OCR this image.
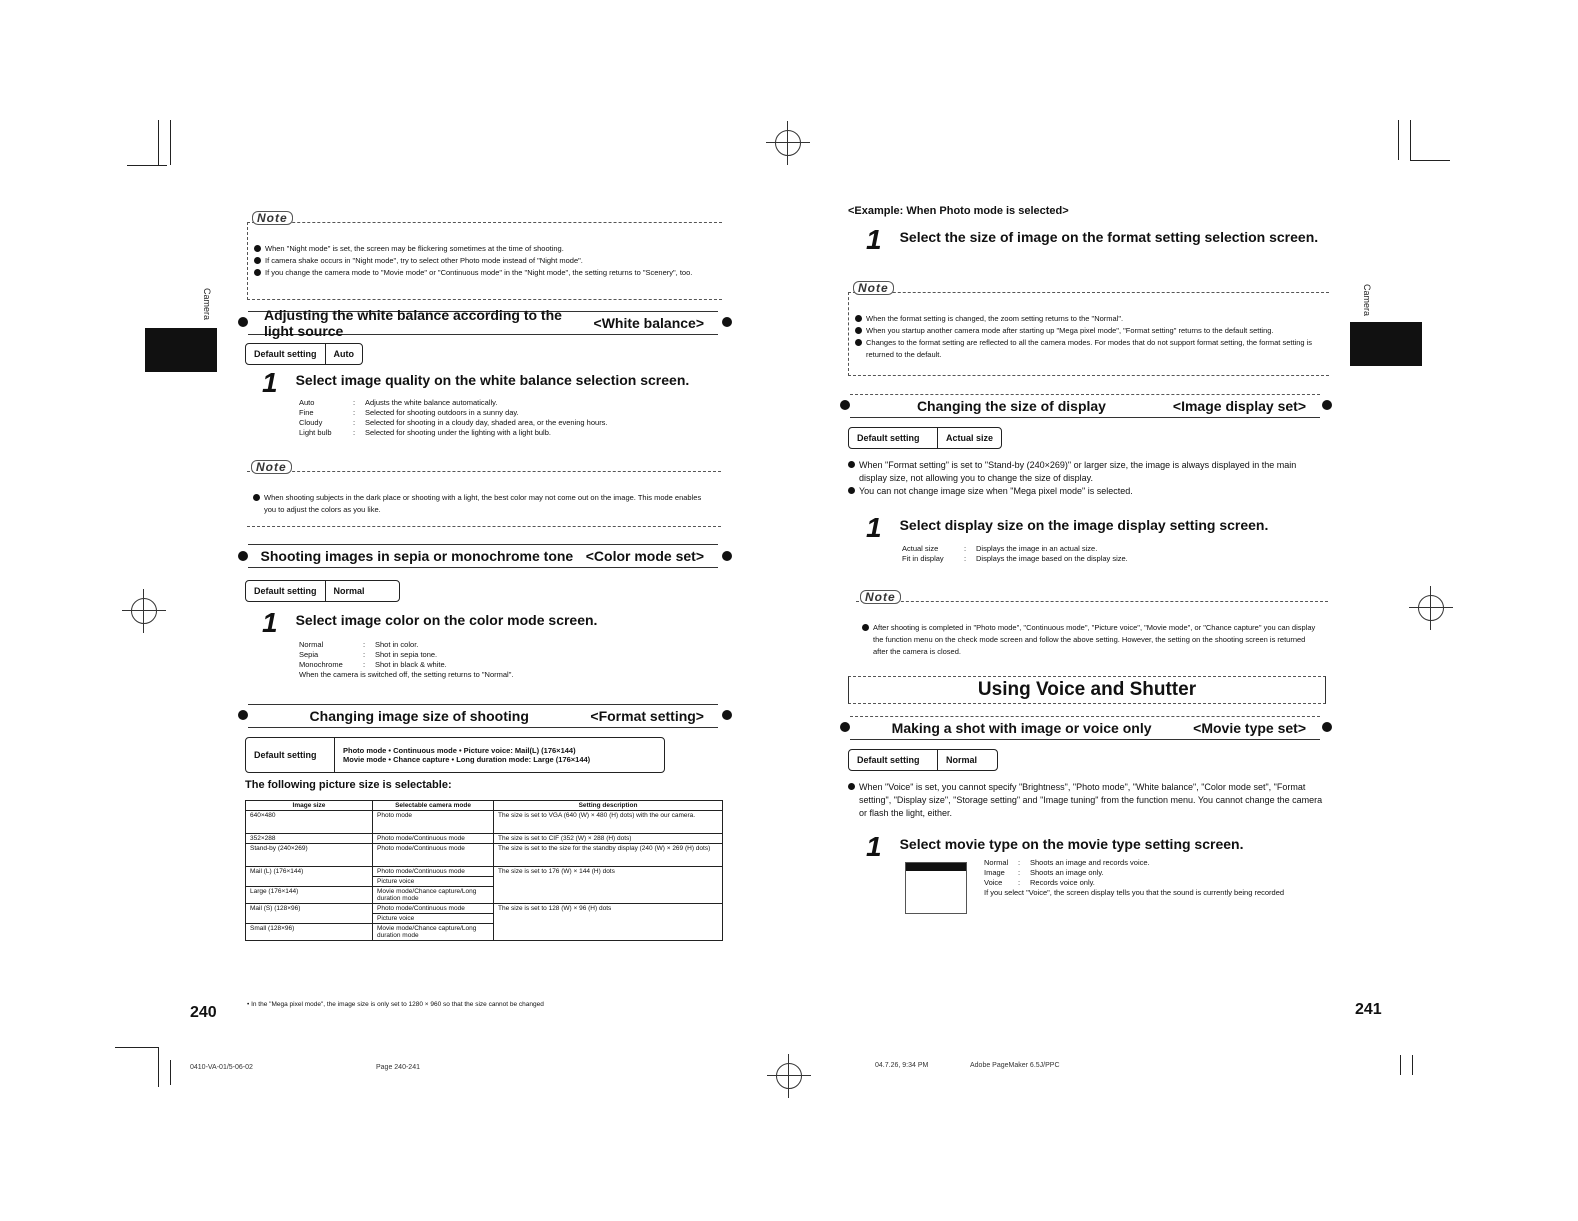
Camera	Camera
Note
When "Night mode" is set, the screen may be flickering sometimes at the time of shooting.
If camera shake occurs in "Night mode", try to select other Photo mode instead of "Night mode".
If you change the camera mode to "Movie mode" or "Continuous mode" in the "Night mode", the setting returns to "Scenery", too.
Adjusting the white balance according to the light source	<White balance>
Default setting	Auto
1 Select image quality on the white balance selection screen.
Auto	:	Adjusts the white balance automatically.
Fine	:	Selected for shooting outdoors in a sunny day.
Cloudy	:	Selected for shooting in a cloudy day, shaded area, or the evening hours.
Light bulb	:	Selected for shooting under the lighting with a light bulb.
Note
When shooting subjects in the dark place or shooting with a light, the best color may not come out on the image. This mode enables you to adjust the colors as you like.
Shooting images in sepia or monochrome tone <Color mode set>
Default setting	Normal
1 Select image color on the color mode screen.
Normal	:	Shot in color.
Sepia	:	Shot in sepia tone.
Monochrome	:	Shot in black & white.
When the camera is switched off, the setting returns to "Normal".
Changing image size of shooting	<Format setting>
Default setting	Photo mode • Continuous mode • Picture voice: Mail(L) (176×144)
Movie mode • Chance capture • Long duration mode: Large (176×144)
The following picture size is selectable:
Image size	Selectable camera mode	Setting description
640×480	Photo mode	The size is set to VGA (640 (W) × 480 (H) dots) with the our camera.
352×288	Photo mode/Continuous mode	The size is set to CIF (352 (W) × 288 (H) dots)
Stand-by (240×269)	Photo mode/Continuous mode	The size is set to the size for the standby display (240 (W) × 269 (H) dots)
Mail (L) (176×144)	Photo mode/Continuous mode	The size is set to 176 (W) × 144 (H) dots
	Picture voice	
Large (176×144)	Movie mode/Chance capture/Long duration mode	
Mail (S) (128×96)	Photo mode/Continuous mode	The size is set to 128 (W) × 96 (H) dots
	Picture voice	
Small (128×96)	Movie mode/Chance capture/Long duration mode	
• In the "Mega pixel mode", the image size is only set to 1280 × 960 so that the size cannot be changed
240
0410-VA-01/5-06-02	Page 240-241
<Example: When Photo mode is selected>
1 Select the size of image on the format setting selection screen.
Note
When the format setting is changed, the zoom setting returns to the "Normal".
When you startup another camera mode after starting up "Mega pixel mode", "Format setting" returns to the default setting.
Changes to the format setting are reflected to all the camera modes. For modes that do not support format setting, the format setting is returned to the default.
Changing the size of display	<Image display set>
Default setting	Actual size
When "Format setting" is set to "Stand-by (240×269)" or larger size, the image is always displayed in the main display size, not allowing you to change the size of display.
You can not change image size when "Mega pixel mode" is selected.
1 Select display size on the image display setting screen.
Actual size	:	Displays the image in an actual size.
Fit in display	:	Displays the image based on the display size.
Note
After shooting is completed in "Photo mode", "Continuous mode", "Picture voice", "Movie mode", or "Chance capture" you can display the function menu on the check mode screen and follow the above setting. However, the setting on the shooting screen is returned after the camera is closed.
Using Voice and Shutter
Making a shot with image or voice only	<Movie type set>
Default setting	Normal
When "Voice" is set, you cannot specify "Brightness", "Photo mode", "White balance", "Color mode set", "Format setting", "Display size", "Storage setting" and "Image tuning" from the function menu. You cannot change the camera or flash the light, either.
1 Select movie type on the movie type setting screen.
Normal	:	Shoots an image and records voice.
Image	:	Shoots an image only.
Voice	:	Records voice only.
If you select "Voice", the screen display tells you that the sound is currently being recorded
241
04.7.26, 9:34 PM	Adobe PageMaker 6.5J/PPC
